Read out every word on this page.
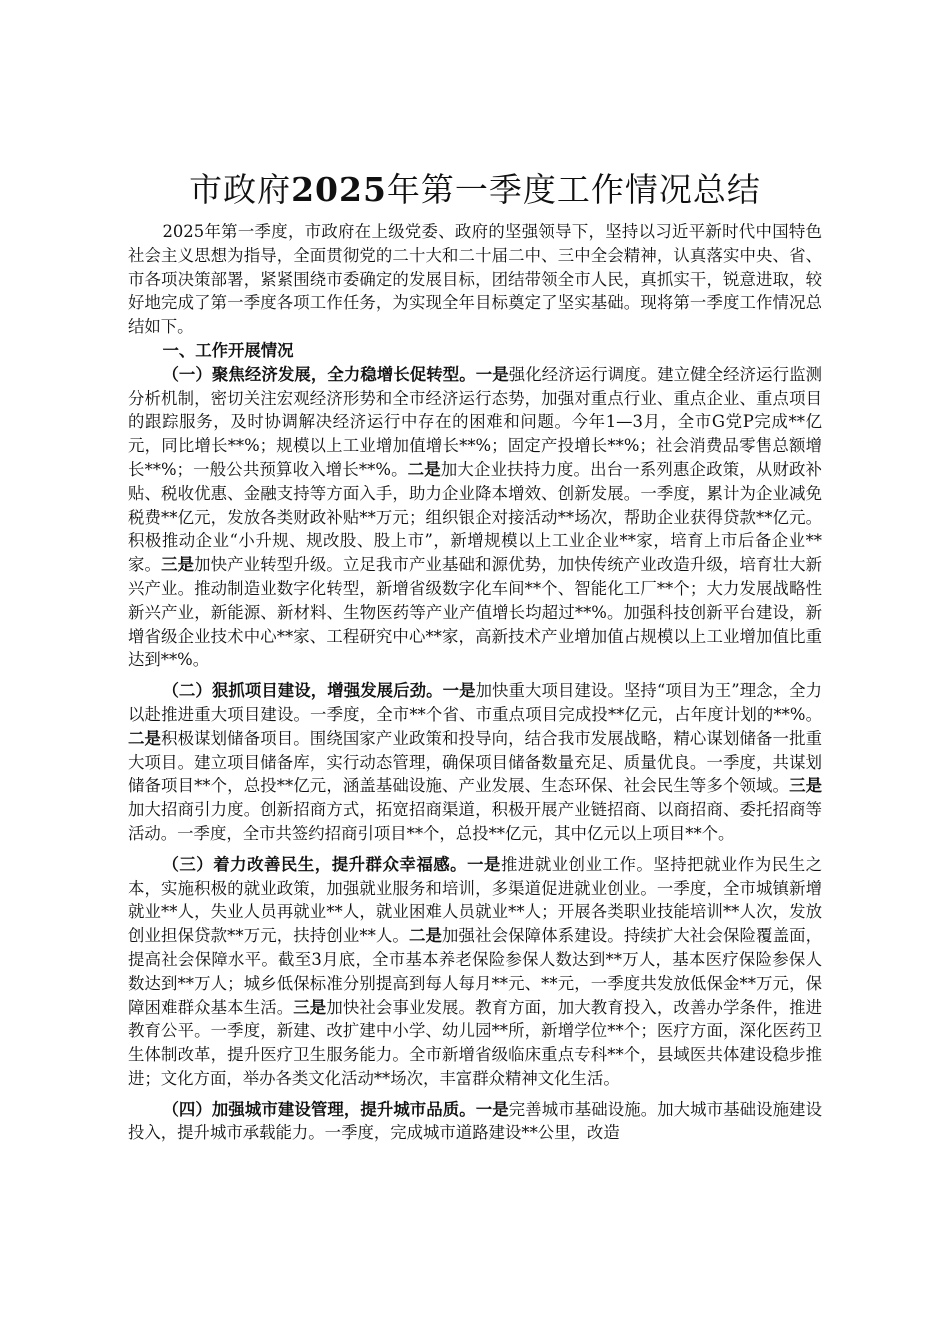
市政府2025年第一季度工作情况总结

2025年第一季度，市政府在上级党委、政府的坚强领导下，坚持以习近平新时代中国特色社会主义思想为指导，全面贯彻党的二十大和二十届二中、三中全会精神，认真落实中央、省、市各项决策部署，紧紧围绕市委确定的发展目标，团结带领全市人民，真抓实干，锐意进取，较好地完成了第一季度各项工作任务，为实现全年目标奠定了坚实基础。现将第一季度工作情况总结如下。

一、工作开展情况

（一）聚焦经济发展，全力稳增长促转型。一是强化经济运行调度。建立健全经济运行监测分析机制，密切关注宏观经济形势和全市经济运行态势，加强对重点行业、重点企业、重点项目的跟踪服务，及时协调解决经济运行中存在的困难和问题。今年1—3月，全市G党P完成**亿元，同比增长**%；规模以上工业增加值增长**%；固定产投增长**%；社会消费品零售总额增长**%；一般公共预算收入增长**%。二是加大企业扶持力度。出台一系列惠企政策，从财政补贴、税收优惠、金融支持等方面入手，助力企业降本增效、创新发展。一季度，累计为企业减免税费**亿元，发放各类财政补贴**万元；组织银企对接活动**场次，帮助企业获得贷款**亿元。积极推动企业“小升规、规改股、股上市”，新增规模以上工业企业**家，培育上市后备企业**家。三是加快产业转型升级。立足我市产业基础和源优势，加快传统产业改造升级，培育壮大新兴产业。推动制造业数字化转型，新增省级数字化车间**个、智能化工厂**个；大力发展战略性新兴产业，新能源、新材料、生物医药等产业产值增长均超过**%。加强科技创新平台建设，新增省级企业技术中心**家、工程研究中心**家，高新技术产业增加值占规模以上工业增加值比重达到**%。

（二）狠抓项目建设，增强发展后劲。一是加快重大项目建设。坚持“项目为王”理念，全力以赴推进重大项目建设。一季度，全市**个省、市重点项目完成投**亿元，占年度计划的**%。二是积极谋划储备项目。围绕国家产业政策和投导向，结合我市发展战略，精心谋划储备一批重大项目。建立项目储备库，实行动态管理，确保项目储备数量充足、质量优良。一季度，共谋划储备项目**个，总投**亿元，涵盖基础设施、产业发展、生态环保、社会民生等多个领域。三是加大招商引力度。创新招商方式，拓宽招商渠道，积极开展产业链招商、以商招商、委托招商等活动。一季度，全市共签约招商引项目**个，总投**亿元，其中亿元以上项目**个。

（三）着力改善民生，提升群众幸福感。一是推进就业创业工作。坚持把就业作为民生之本，实施积极的就业政策，加强就业服务和培训，多渠道促进就业创业。一季度，全市城镇新增就业**人，失业人员再就业**人，就业困难人员就业**人；开展各类职业技能培训**人次，发放创业担保贷款**万元，扶持创业**人。二是加强社会保障体系建设。持续扩大社会保险覆盖面，提高社会保障水平。截至3月底，全市基本养老保险参保人数达到**万人，基本医疗保险参保人数达到**万人；城乡低保标准分别提高到每人每月**元、**元，一季度共发放低保金**万元，保障困难群众基本生活。三是加快社会事业发展。教育方面，加大教育投入，改善办学条件，推进教育公平。一季度，新建、改扩建中小学、幼儿园**所，新增学位**个；医疗方面，深化医药卫生体制改革，提升医疗卫生服务能力。全市新增省级临床重点专科**个，县域医共体建设稳步推进；文化方面，举办各类文化活动**场次，丰富群众精神文化生活。

（四）加强城市建设管理，提升城市品质。一是完善城市基础设施。加大城市基础设施建设投入，提升城市承载能力。一季度，完成城市道路建设**公里，改造
